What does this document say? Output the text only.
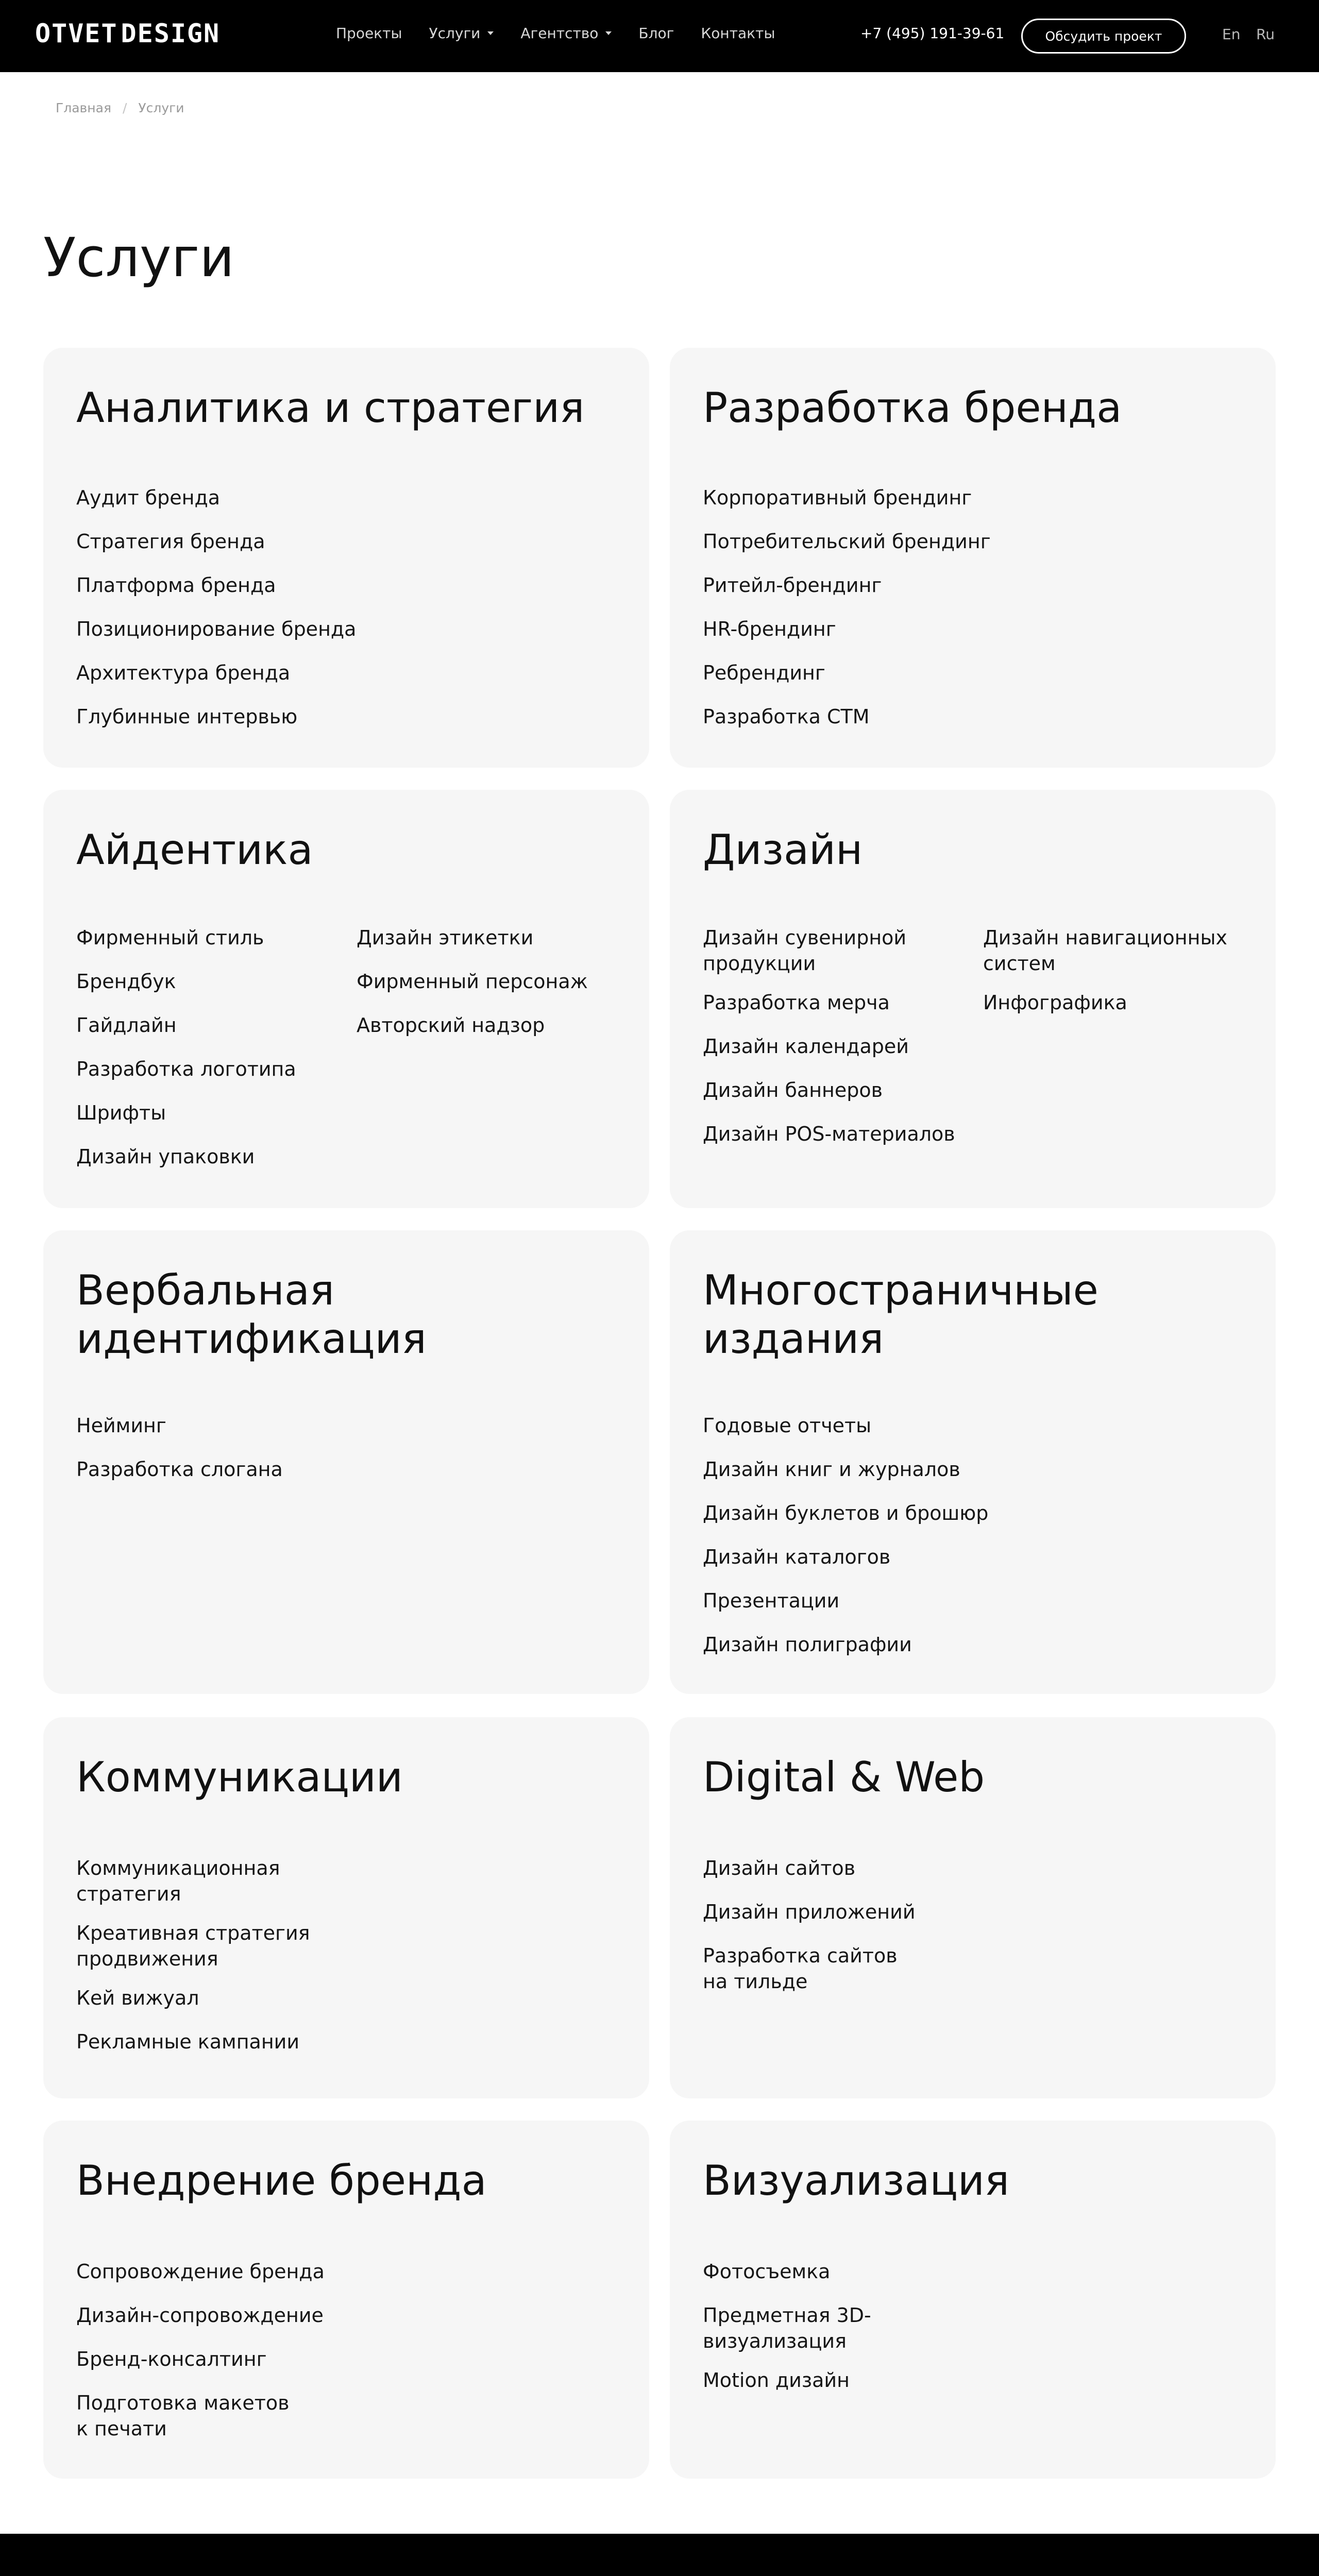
OTVET DESIGN	Проекты Услуги	Агентство	Блог Контакты	+7 (495) 191-39-61	Обсудить проект	En Ru
Главная / Услуги
Услуги
Аналитика и стратегия
Аудит бренда
Стратегия бренда
Платформа бренда
Позиционирование бренда
Архитектура бренда
Глубинные интервью
Разработка бренда
Корпоративный брендинг
Потребительский брендинг
Ритейл-брендинг
HR-брендинг
Ребрендинг
Разработка СТМ
Айдентика
Фирменный стиль
Брендбук
Гайдлайн
Разработка логотипа
Шрифты
Дизайн упаковки
Дизайн этикетки
Фирменный персонаж
Авторский надзор
Дизайн
Дизайн сувенирной
продукции
Разработка мерча
Дизайн календарей
Дизайн баннеров
Дизайн POS-материалов
Дизайн навигационных
систем
Инфографика
Вербальная
идентификация
Нейминг
Разработка слогана
Многостраничные
издания
Годовые отчеты
Дизайн книг и журналов
Дизайн буклетов и брошюр
Дизайн каталогов
Презентации
Дизайн полиграфии
Коммуникации
Коммуникационная
стратегия
Креативная стратегия
продвижения
Кей вижуал
Рекламные кампании
Digital & Web
Дизайн сайтов
Дизайн приложений
Разработка сайтов
на тильде
Внедрение бренда
Сопровождение бренда
Дизайн-сопровождение
Бренд-консалтинг
Подготовка макетов
к печати
Визуализация
Фотосъемка
Предметная 3D-
визуализация
Motion дизайн
